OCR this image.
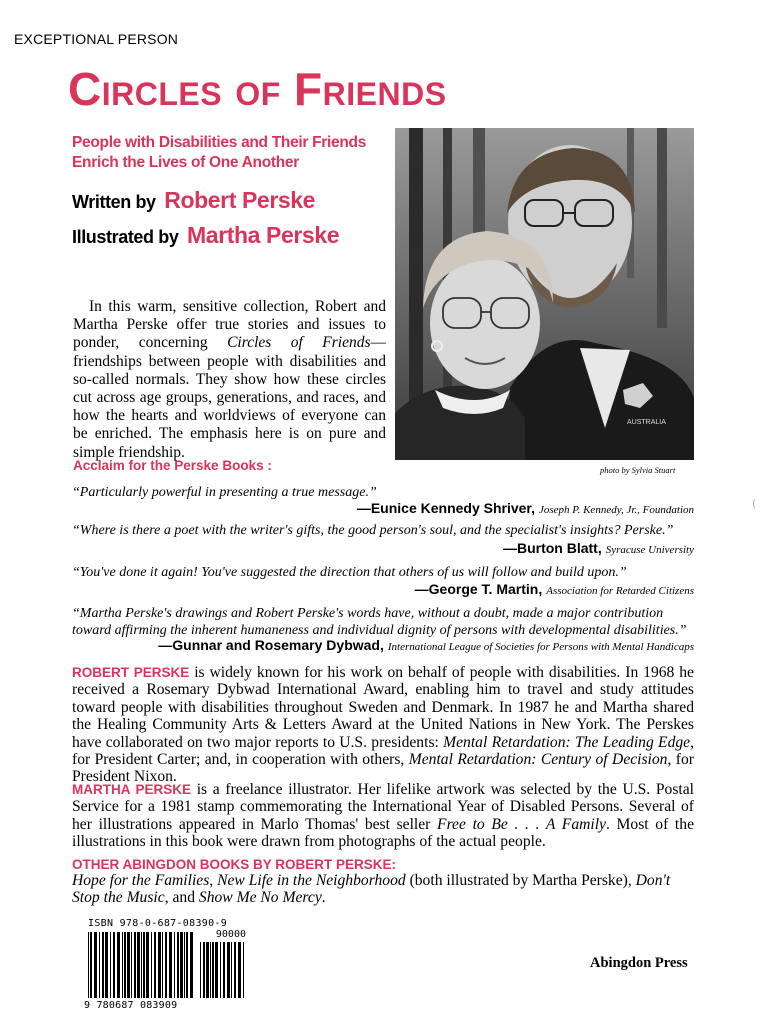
EXCEPTIONAL PERSON
Circles of Friends
People with Disabilities and Their Friends
Enrich the Lives of One Another
Written by Robert Perske
Illustrated by Martha Perske
AUSTRALIA
photo by Sylvia Stuart

In this warm, sensitive collection, Robert and Martha Perske offer true stories and issues to ponder, concerning Circles of Friends—friendships between people with disabilities and so-called normals. They show how these circles cut across age groups, generations, and races, and how the hearts and worldviews of everyone can be enriched. The emphasis here is on pure and simple friendship.

Acclaim for the Perske Books :
“Particularly powerful in presenting a true message.”
—Eunice Kennedy Shriver, Joseph P. Kennedy, Jr., Foundation
“Where is there a poet with the writer's gifts, the good person's soul, and the specialist's insights? Perske.”
—Burton Blatt, Syracuse University
“You've done it again! You've suggested the direction that others of us will follow and build upon.”
—George T. Martin, Association for Retarded Citizens
“Martha Perske's drawings and Robert Perske's words have, without a doubt, made a major contribution toward affirming the inherent humaneness and individual dignity of persons with developmental disabilities.”
—Gunnar and Rosemary Dybwad, International League of Societies for Persons with Mental Handicaps
ROBERT PERSKE is widely known for his work on behalf of people with disabilities. In 1968 he received a Rosemary Dybwad International Award, enabling him to travel and study attitudes toward people with disabilities throughout Sweden and Denmark. In 1987 he and Martha shared the Healing Community Arts & Letters Award at the United Nations in New York. The Perskes have collaborated on two major reports to U.S. presidents: Mental Retardation: The Leading Edge, for President Carter; and, in cooperation with others, Mental Retardation: Century of Decision, for President Nixon.
MARTHA PERSKE is a freelance illustrator. Her lifelike artwork was selected by the U.S. Postal Service for a 1981 stamp commemorating the International Year of Disabled Persons. Several of her illustrations appeared in Marlo Thomas' best seller Free to Be . . . A Family. Most of the illustrations in this book were drawn from photographs of the actual people.
OTHER ABINGDON BOOKS BY ROBERT PERSKE:
Hope for the Families, New Life in the Neighborhood (both illustrated by Martha Perske), Don't Stop the Music, and Show Me No Mercy.
ISBN 978-0-687-08390-9
90000
9 780687 083909
Abingdon Press
(
